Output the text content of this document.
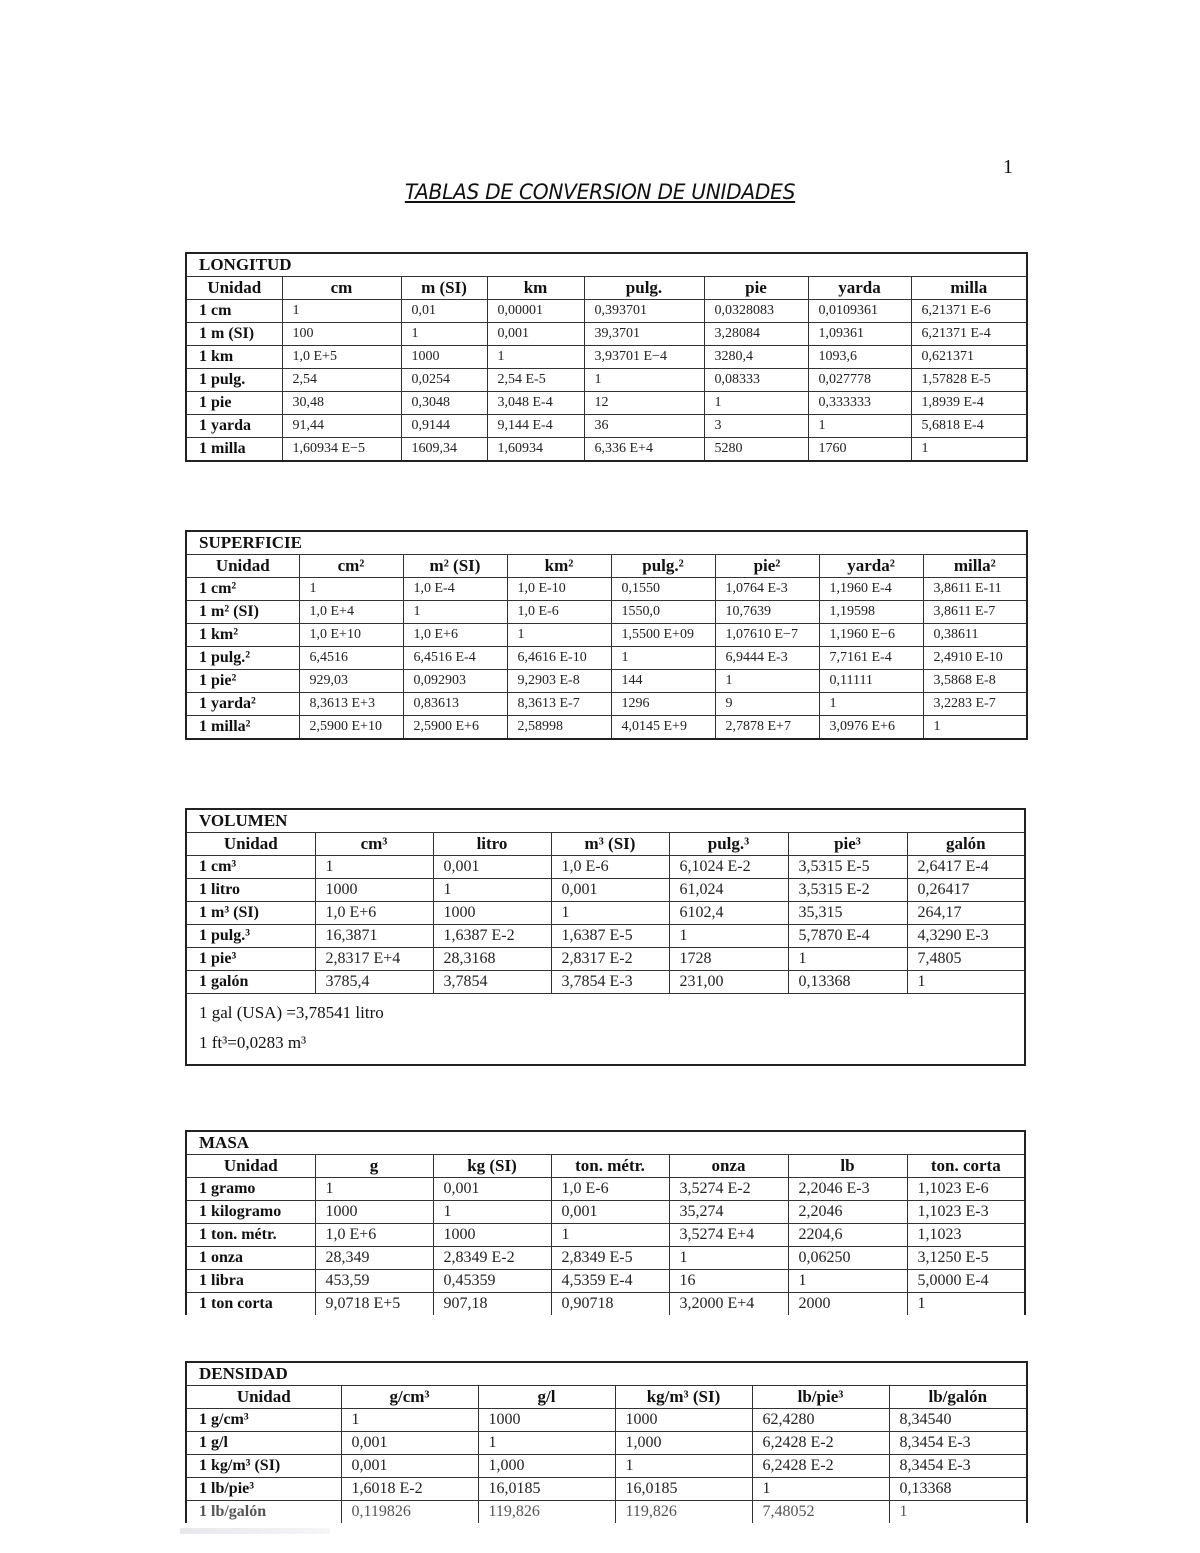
1
TABLAS DE CONVERSION DE UNIDADES
LONGITUD							
Unidad	cm	m (SI)	km	pulg.	pie	yarda	milla
1 cm	1	0,01	0,00001	0,393701	0,0328083	0,0109361	6,21371 E-6
1 m (SI)	100	1	0,001	39,3701	3,28084	1,09361	6,21371 E-4
1 km	1,0 E+5	1000	1	3,93701 E−4	3280,4	1093,6	0,621371
1 pulg.	2,54	0,0254	2,54 E-5	1	0,08333	0,027778	1,57828 E-5
1 pie	30,48	0,3048	3,048 E-4	12	1	0,333333	1,8939 E-4
1 yarda	91,44	0,9144	9,144 E-4	36	3	1	5,6818 E-4
1 milla	1,60934 E−5	1609,34	1,60934	6,336 E+4	5280	1760	1
SUPERFICIE							
Unidad	cm²	m² (SI)	km²	pulg.²	pie²	yarda²	milla²
1 cm²	1	1,0 E-4	1,0 E-10	0,1550	1,0764 E-3	1,1960 E-4	3,8611 E-11
1 m² (SI)	1,0 E+4	1	1,0 E-6	1550,0	10,7639	1,19598	3,8611 E-7
1 km²	1,0 E+10	1,0 E+6	1	1,5500 E+09	1,07610 E−7	1,1960 E−6	0,38611
1 pulg.²	6,4516	6,4516 E-4	6,4616 E-10	1	6,9444 E-3	7,7161 E-4	2,4910 E-10
1 pie²	929,03	0,092903	9,2903 E-8	144	1	0,11111	3,5868 E-8
1 yarda²	8,3613 E+3	0,83613	8,3613 E-7	1296	9	1	3,2283 E-7
1 milla²	2,5900 E+10	2,5900 E+6	2,58998	4,0145 E+9	2,7878 E+7	3,0976 E+6	1
VOLUMEN						
Unidad	cm³	litro	m³ (SI)	pulg.³	pie³	galón
1 cm³	1	0,001	1,0 E-6	6,1024 E-2	3,5315 E-5	2,6417 E-4
1 litro	1000	1	0,001	61,024	3,5315 E-2	0,26417
1 m³ (SI)	1,0 E+6	1000	1	6102,4	35,315	264,17
1 pulg.³	16,3871	1,6387 E-2	1,6387 E-5	1	5,7870 E-4	4,3290 E-3
1 pie³	2,8317 E+4	28,3168	2,8317 E-2	1728	1	7,4805
1 galón	3785,4	3,7854	3,7854 E-3	231,00	0,13368	1

1 gal (USA) =3,78541 litro
1 ft³=0,0283 m³						
MASA						
Unidad	g	kg (SI)	ton. métr.	onza	lb	ton. corta
1 gramo	1	0,001	1,0 E-6	3,5274 E-2	2,2046 E-3	1,1023 E-6
1 kilogramo	1000	1	0,001	35,274	2,2046	1,1023 E-3
1 ton. métr.	1,0 E+6	1000	1	3,5274 E+4	2204,6	1,1023
1 onza	28,349	2,8349 E-2	2,8349 E-5	1	0,06250	3,1250 E-5
1 libra	453,59	0,45359	4,5359 E-4	16	1	5,0000 E-4
1 ton corta	9,0718 E+5	907,18	0,90718	3,2000 E+4	2000	1
DENSIDAD					
Unidad	g/cm³	g/l	kg/m³ (SI)	lb/pie³	lb/galón
1 g/cm³	1	1000	1000	62,4280	8,34540
1 g/l	0,001	1	1,000	6,2428 E-2	8,3454 E-3
1 kg/m³ (SI)	0,001	1,000	1	6,2428 E-2	8,3454 E-3
1 lb/pie³	1,6018 E-2	16,0185	16,0185	1	0,13368
1 lb/galón	0,119826	119,826	119,826	7,48052	1
